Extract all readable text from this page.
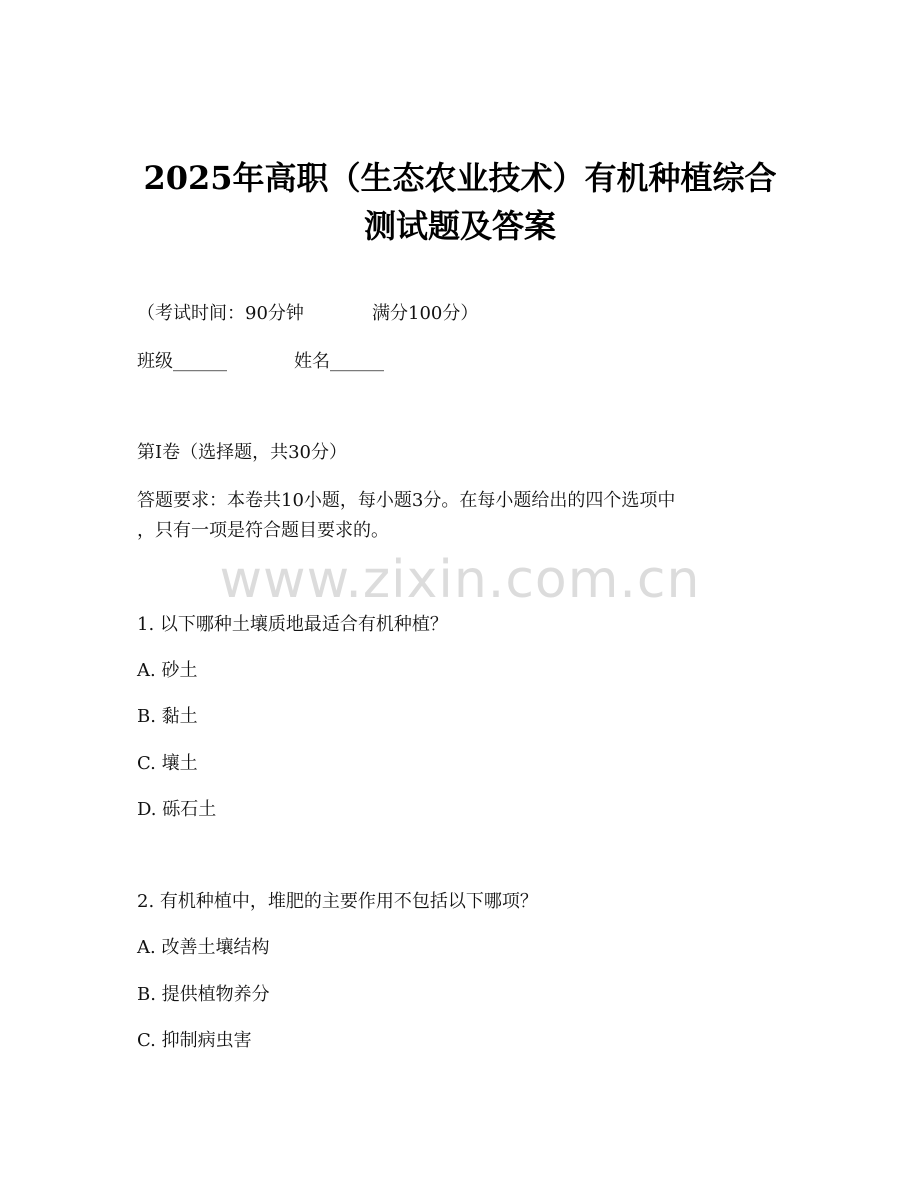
2025年高职（生态农业技术）有机种植综合
测试题及答案
（考试时间：90分钟	满分100分）
班级______	姓名______
第I卷（选择题，共30分）
答题要求：本卷共10小题，每小题3分。在每小题给出的四个选项中
，只有一项是符合题目要求的。
www.zixin.com.cn
1. 以下哪种土壤质地最适合有机种植？
A. 砂土
B. 黏土
C. 壤土
D. 砾石土
2. 有机种植中，堆肥的主要作用不包括以下哪项？
A. 改善土壤结构
B. 提供植物养分
C. 抑制病虫害
